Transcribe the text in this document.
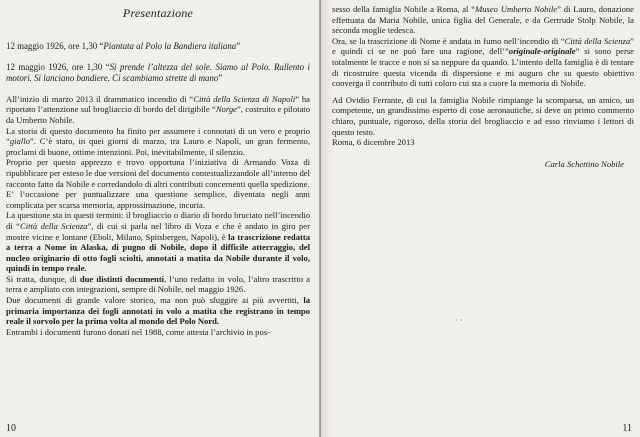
Presentazione

12 maggio 1926, ore 1,30 “Piantata al Polo la Bandiera italiana”

12 maggio 1926, ore 1,30 “Si prende l’altezza del sole. Siamo al Polo. Rallento i motori. Si lanciano bandiere. Ci scambiamo strette di mano”

All’inizio di marzo 2013 il drammatico incendio di “Città della Scienza di Napoli” ha riportato l’attenzione sul brogliaccio di bordo del dirigibile “Norge”, costruito e pilotato da Umberto Nobile.

La storia di questo documento ha finito per assumere i connotati di un vero e proprio “giallo”. C’è stato, in quei giorni di marzo, tra Lauro e Napoli, un gran fermento, proclami di buone, ottime intenzioni. Poi, inevitabilmente, il silenzio.

Proprio per questo apprezzo e trovo opportuna l’iniziativa di Armando Voza di ripubblicare per esteso le due versioni del documento contestualizzandole all’interno del racconto fatto da Nobile e corredandolo di altri contributi concernenti quella spedizione.

E’ l’occasione per puntualizzare una questione semplice, diventata negli anni complicata per scarsa memoria, approssimazione, incuria.

La questione sta in questi termini: il brogliaccio o diario di bordo bruciato nell’incendio di “Città della Scienza”, di cui si parla nel libro di Voza e che è andato in giro per mostre vicine e lontane (Eboli, Milano, Spitsbergen, Napoli), è la trascrizione redatta a terra a Nome in Alaska, di pugno di Nobile, dopo il difficile atterraggio, del nucleo originario di otto fogli sciolti, annotati a matita da Nobile durante il volo, quindi in tempo reale.

Si tratta, dunque, di due distinti documenti, l’uno redatto in volo, l’altro trascritto a terra e ampliato con integrazioni, sempre di Nobile, nel maggio 1926.

Due documenti di grande valore storico, ma non può sfuggire ai più avvertiti, la primaria importanza dei fogli annotati in volo a matita che registrano in tempo reale il sorvolo per la prima volta al mondo del Polo Nord.

Entrambi i documenti furono donati nel 1988, come attesta l’archivio in pos-

10

sesso della famiglia Nobile a Roma, al “Museo Umberto Nobile” di Lauro, donazione effettuata da Maria Nobile, unica figlia del Generale, e da Gertrude Stolp Nobile, la seconda moglie tedesca.

Ora, se la trascrizione di Nome è andata in fumo nell’incendio di “Città della Scienza” e quindi ci se ne può fare una ragione, dell’”originale-originale” si sono perse totalmente le tracce e non si sa neppure da quando. L’intento della famiglia è di tentare di ricostruire questa vicenda di dispersione e mi auguro che su questo obiettivo converga il contributo di tutti coloro cui sta a cuore la memoria di Nobile.

Ad Ovidio Ferrante, di cui la famiglia Nobile rimpiange la scomparsa, un amico, un competente, un grandissimo esperto di cose aeronautiche, si deve un primo commento chiaro, puntuale, rigoroso, della storia del brogliaccio e ad esso rinviamo i lettori di questo testo.

Roma, 6 dicembre 2013

Carla Schettino Nobile
11
· ·
